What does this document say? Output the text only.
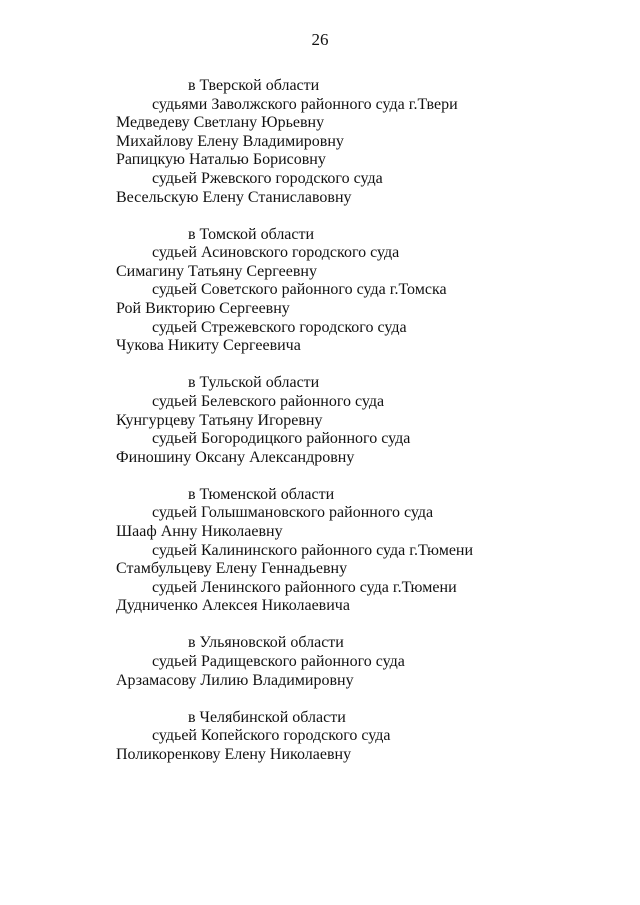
26
в Тверской области
судьями Заволжского районного суда г.Твери
Медведеву Светлану Юрьевну
Михайлову Елену Владимировну
Рапицкую Наталью Борисовну
судьей Ржевского городского суда
Весельскую Елену Станиславовну
в Томской области
судьей Асиновского городского суда
Симагину Татьяну Сергеевну
судьей Советского районного суда г.Томска
Рой Викторию Сергеевну
судьей Стрежевского городского суда
Чукова Никиту Сергеевича
в Тульской области
судьей Белевского районного суда
Кунгурцеву Татьяну Игоревну
судьей Богородицкого районного суда
Финошину Оксану Александровну
в Тюменской области
судьей Голышмановского районного суда
Шааф Анну Николаевну
судьей Калининского районного суда г.Тюмени
Стамбульцеву Елену Геннадьевну
судьей Ленинского районного суда г.Тюмени
Дудниченко Алексея Николаевича
в Ульяновской области
судьей Радищевского районного суда
Арзамасову Лилию Владимировну
в Челябинской области
судьей Копейского городского суда
Поликоренкову Елену Николаевну
